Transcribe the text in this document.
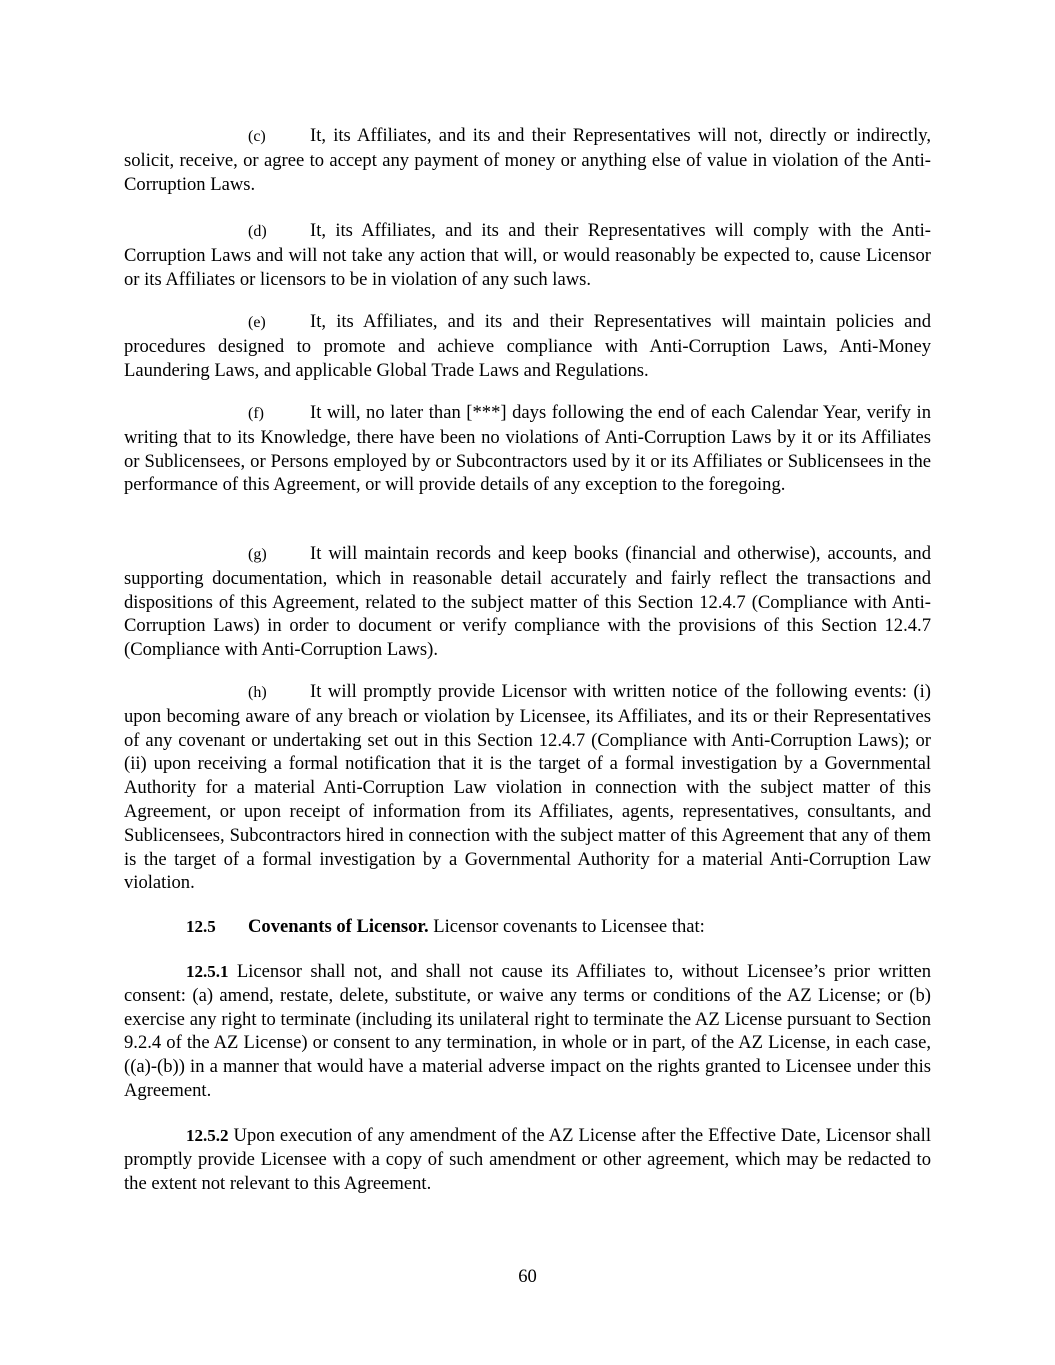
(c) It, its Affiliates, and its and their Representatives will not, directly or indirectly, solicit, receive, or agree to accept any payment of money or anything else of value in violation of the Anti-Corruption Laws.

(d) It, its Affiliates, and its and their Representatives will comply with the Anti-Corruption Laws and will not take any action that will, or would reasonably be expected to, cause Licensor or its Affiliates or licensors to be in violation of any such laws.

(e) It, its Affiliates, and its and their Representatives will maintain policies and procedures designed to promote and achieve compliance with Anti-Corruption Laws, Anti-Money Laundering Laws, and applicable Global Trade Laws and Regulations.

(f) It will, no later than [***] days following the end of each Calendar Year, verify in writing that to its Knowledge, there have been no violations of Anti-Corruption Laws by it or its Affiliates or Sublicensees, or Persons employed by or Subcontractors used by it or its Affiliates or Sublicensees in the performance of this Agreement, or will provide details of any exception to the foregoing.

(g) It will maintain records and keep books (financial and otherwise), accounts, and supporting documentation, which in reasonable detail accurately and fairly reflect the transactions and dispositions of this Agreement, related to the subject matter of this Section 12.4.7 (Compliance with Anti-Corruption Laws) in order to document or verify compliance with the provisions of this Section 12.4.7 (Compliance with Anti-Corruption Laws).

(h) It will promptly provide Licensor with written notice of the following events: (i) upon becoming aware of any breach or violation by Licensee, its Affiliates, and its or their Representatives of any covenant or undertaking set out in this Section 12.4.7 (Compliance with Anti-Corruption Laws); or (ii) upon receiving a formal notification that it is the target of a formal investigation by a Governmental Authority for a material Anti-Corruption Law violation in connection with the subject matter of this Agreement, or upon receipt of information from its Affiliates, agents, representatives, consultants, and Sublicensees, Subcontractors hired in connection with the subject matter of this Agreement that any of them is the target of a formal investigation by a Governmental Authority for a material Anti-Corruption Law violation.

12.5 Covenants of Licensor. Licensor covenants to Licensee that:

12.5.1 Licensor shall not, and shall not cause its Affiliates to, without Licensee’s prior written consent: (a) amend, restate, delete, substitute, or waive any terms or conditions of the AZ License; or (b) exercise any right to terminate (including its unilateral right to terminate the AZ License pursuant to Section 9.2.4 of the AZ License) or consent to any termination, in whole or in part, of the AZ License, in each case, ((a)-(b)) in a manner that would have a material adverse impact on the rights granted to Licensee under this Agreement.

12.5.2 Upon execution of any amendment of the AZ License after the Effective Date, Licensor shall promptly provide Licensee with a copy of such amendment or other agreement, which may be redacted to the extent not relevant to this Agreement.

60
